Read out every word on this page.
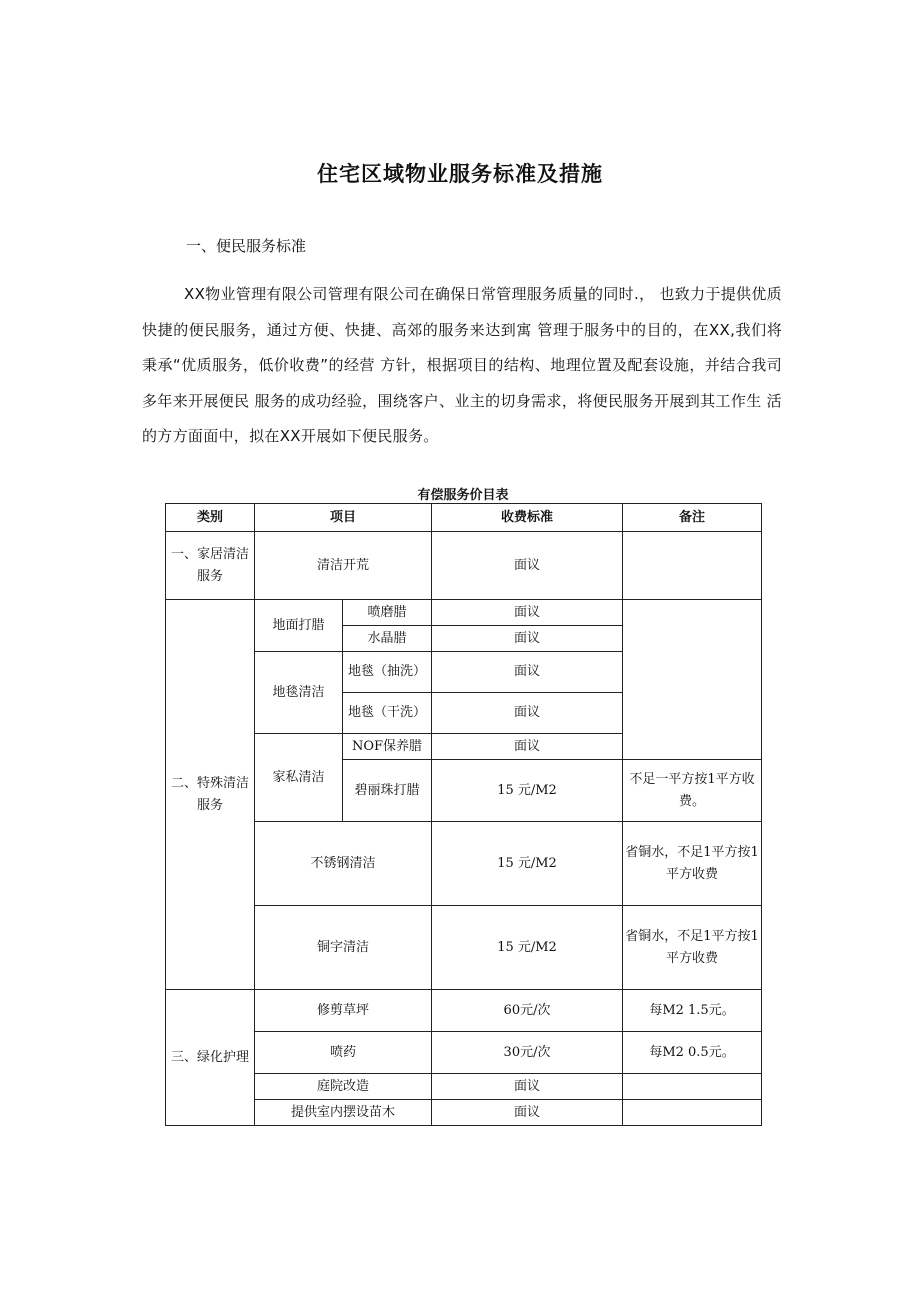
住宅区域物业服务标准及措施
一、便民服务标准
XX物业管理有限公司管理有限公司在确保日常管理服务质量的同时.， 也致力于提供优质快捷的便民服务，通过方便、快捷、高郊的服务来达到寓 管理于服务中的目的，在XX,我们将秉承“优质服务，低价收费”的经营 方针，根据项目的结构、地理位置及配套设施，并结合我司多年来开展便民 服务的成功经验，围绕客户、业主的切身需求，将便民服务开展到其工作生 活的方方面面中，拟在XX开展如下便民服务。
有偿服务价目表
类别	项目		收费标准	备注
一、家居清洁服务	清洁开荒		面议	
二、特殊清洁服务	地面打腊	喷磨腊	面议	
		水晶腊	面议	
	地毯清洁	地毯（抽洗）	面议	
		地毯（干洗）	面议	
	家私清洁	NOF保养腊	面议	
		碧丽珠打腊	15 元/M2	不足一平方按1平方收费。
	不锈钢清洁		15 元/M2	省铜水，不足1平方按1平方收费
	铜字清洁		15 元/M2	省铜水，不足1平方按1平方收费
三、绿化护理	修剪草坪		60元/次	每M2 1.5元。
	喷药		30元/次	每M2 0.5元。
	庭院改造		面议	
	提供室内摆设苗木		面议	
